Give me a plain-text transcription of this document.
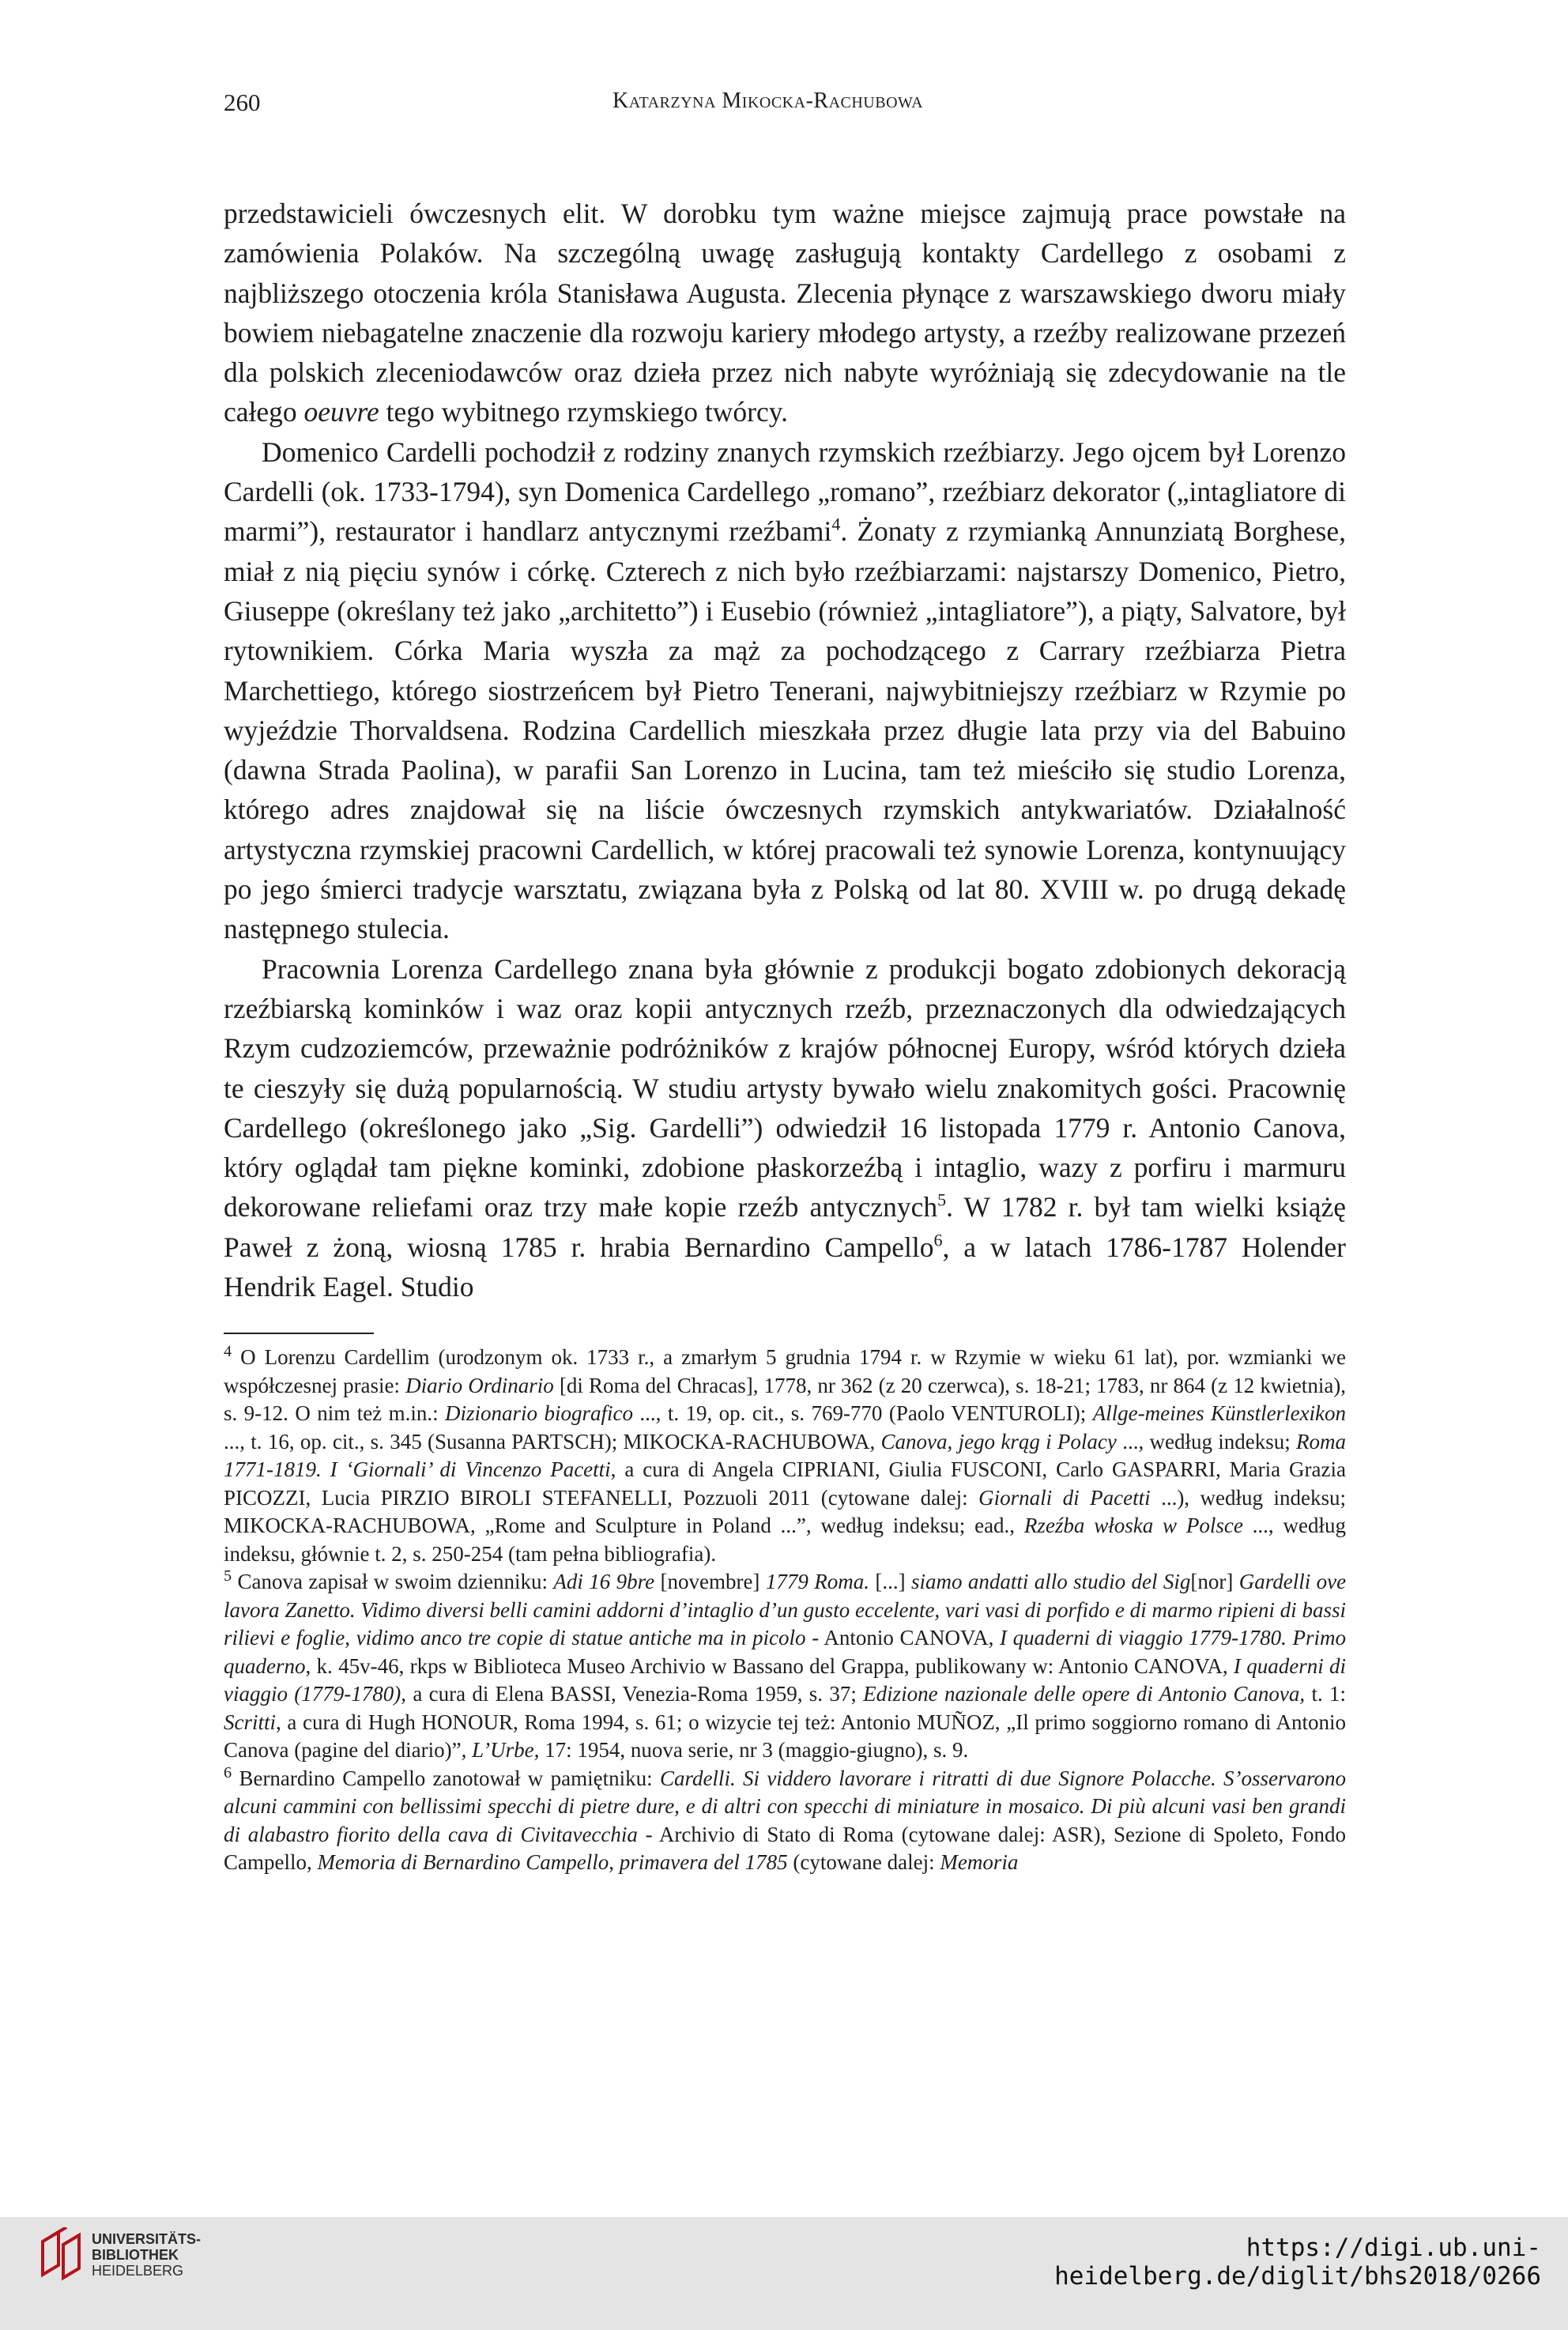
260	Katarzyna Mikocka-Rachubowa

przedstawicieli ówczesnych elit. W dorobku tym ważne miejsce zajmują prace powstałe na zamówienia Polaków. Na szczególną uwagę zasługują kontakty Cardellego z osobami z najbliższego otoczenia króla Stanisława Augusta. Zlecenia płynące z warszawskiego dworu miały bowiem niebagatelne znaczenie dla rozwoju kariery młodego artysty, a rzeźby realizowane przezeń dla polskich zleceniodawców oraz dzieła przez nich nabyte wyróżniają się zdecydowanie na tle całego oeuvre tego wybitnego rzymskiego twórcy.

Domenico Cardelli pochodził z rodziny znanych rzymskich rzeźbiarzy. Jego ojcem był Lorenzo Cardelli (ok. 1733-1794), syn Domenica Cardellego „romano”, rzeźbiarz dekorator („intagliatore di marmi”), restaurator i handlarz antycznymi rzeźbami$^4$. Żonaty z rzymianką Annunziatą Borghese, miał z nią pięciu synów i córkę. Czterech z nich było rzeźbiarzami: najstarszy Domenico, Pietro, Giuseppe (określany też jako „architetto”) i Eusebio (również „intagliatore”), a piąty, Salvatore, był rytownikiem. Córka Maria wyszła za mąż za pochodzącego z Carrary rzeźbiarza Pietra Marchettiego, którego siostrzeńcem był Pietro Tenerani, najwybitniejszy rzeźbiarz w Rzymie po wyjeździe Thorvaldsena. Rodzina Cardellich mieszkała przez długie lata przy via del Babuino (dawna Strada Paolina), w parafii San Lorenzo in Lucina, tam też mieściło się studio Lorenza, którego adres znajdował się na liście ówczesnych rzymskich antykwariatów. Działalność artystyczna rzymskiej pracowni Cardellich, w której pracowali też synowie Lorenza, kontynuujący po jego śmierci tradycje warsztatu, związana była z Polską od lat 80. XVIII w. po drugą dekadę następnego stulecia.

Pracownia Lorenza Cardellego znana była głównie z produkcji bogato zdobionych dekoracją rzeźbiarską kominków i waz oraz kopii antycznych rzeźb, przeznaczonych dla odwiedzających Rzym cudzoziemców, przeważnie podróżników z krajów północnej Europy, wśród których dzieła te cieszyły się dużą popularnością. W studiu artysty bywało wielu znakomitych gości. Pracownię Cardellego (określonego jako „Sig. Gardelli”) odwiedził 16 listopada 1779 r. Antonio Canova, który oglądał tam piękne kominki, zdobione płaskorzeźbą i intaglio, wazy z porfiru i marmuru dekorowane reliefami oraz trzy małe kopie rzeźb antycznych$^5$. W 1782 r. był tam wielki książę Paweł z żoną, wiosną 1785 r. hrabia Bernardino Campello$^6$, a w latach 1786-1787 Holender Hendrik Eagel. Studio

$^4$ O Lorenzu Cardellim (urodzonym ok. 1733 r., a zmarłym 5 grudnia 1794 r. w Rzymie w wieku 61 lat), por. wzmianki we współczesnej prasie: Diario Ordinario [di Roma del Chracas], 1778, nr 362 (z 20 czerwca), s. 18-21; 1783, nr 864 (z 12 kwietnia), s. 9-12. O nim też m.in.: Dizionario biografico ..., t. 19, op. cit., s. 769-770 (Paolo VENTUROLI); Allge-meines Künstlerlexikon ..., t. 16, op. cit., s. 345 (Susanna PARTSCH); MIKOCKA-RACHUBOWA, Canova, jego krąg i Polacy ..., według indeksu; Roma 1771-1819. I ‘Giornali’ di Vincenzo Pacetti, a cura di Angela CIPRIANI, Giulia FUSCONI, Carlo GASPARRI, Maria Grazia PICOZZI, Lucia PIRZIO BIROLI STEFANELLI, Pozzuoli 2011 (cytowane dalej: Giornali di Pacetti ...), według indeksu; MIKOCKA-RACHUBOWA, „Rome and Sculpture in Poland ...”, według indeksu; ead., Rzeźba włoska w Polsce ..., według indeksu, głównie t. 2, s. 250-254 (tam pełna bibliografia).

$^5$ Canova zapisał w swoim dzienniku: Adi 16 9bre [novembre] 1779 Roma. [...] siamo andatti allo studio del Sig[nor] Gardelli ove lavora Zanetto. Vidimo diversi belli camini addorni d’intaglio d’un gusto eccelente, vari vasi di porfido e di marmo ripieni di bassi rilievi e foglie, vidimo anco tre copie di statue antiche ma in picolo - Antonio CANOVA, I quaderni di viaggio 1779-1780. Primo quaderno, k. 45v-46, rkps w Biblioteca Museo Archivio w Bassano del Grappa, publikowany w: Antonio CANOVA, I quaderni di viaggio (1779-1780), a cura di Elena BASSI, Venezia-Roma 1959, s. 37; Edizione nazionale delle opere di Antonio Canova, t. 1: Scritti, a cura di Hugh HONOUR, Roma 1994, s. 61; o wizycie tej też: Antonio MUÑOZ, „Il primo soggiorno romano di Antonio Canova (pagine del diario)”, L’Urbe, 17: 1954, nuova serie, nr 3 (maggio-giugno), s. 9.

$^6$ Bernardino Campello zanotował w pamiętniku: Cardelli. Si viddero lavorare i ritratti di due Signore Polacche. S’osservarono alcuni cammini con bellissimi specchi di pietre dure, e di altri con specchi di miniature in mosaico. Di più alcuni vasi ben grandi di alabastro fiorito della cava di Civitavecchia - Archivio di Stato di Roma (cytowane dalej: ASR), Sezione di Spoleto, Fondo Campello, Memoria di Bernardino Campello, primavera del 1785 (cytowane dalej: Memoria

UNIVERSITÄTS-
BIBLIOTHEK
HEIDELBERG
https://digi.ub.uni-heidelberg.de/diglit/bhs2018/0266
